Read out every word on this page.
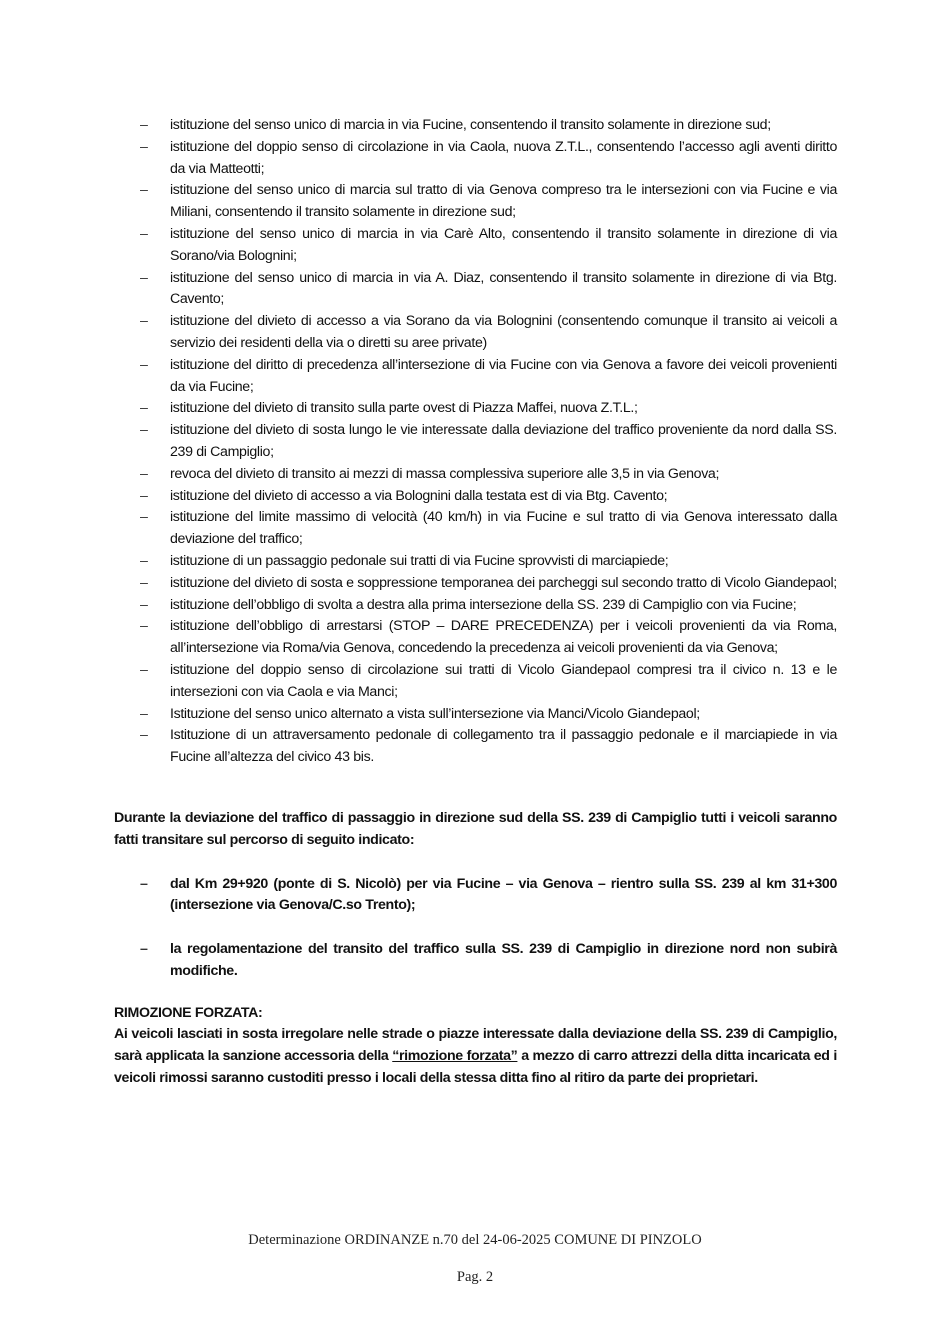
– istituzione del senso unico di marcia in via Fucine, consentendo il transito solamente in direzione sud;
– istituzione del doppio senso di circolazione in via Caola, nuova Z.T.L., consentendo l’accesso agli aventi diritto da via Matteotti;
– istituzione del senso unico di marcia sul tratto di via Genova compreso tra le intersezioni con via Fucine e via Miliani, consentendo il transito solamente in direzione sud;
– istituzione del senso unico di marcia in via Carè Alto, consentendo il transito solamente in direzione di via Sorano/via Bolognini;
– istituzione del senso unico di marcia in via A. Diaz, consentendo il transito solamente in direzione di via Btg. Cavento;
– istituzione del divieto di accesso a via Sorano da via Bolognini (consentendo comunque il transito ai veicoli a servizio dei residenti della via o diretti su aree private)
– istituzione del diritto di precedenza all’intersezione di via Fucine con via Genova a favore dei veicoli provenienti da via Fucine;
– istituzione del divieto di transito sulla parte ovest di Piazza Maffei, nuova Z.T.L.;
– istituzione del divieto di sosta lungo le vie interessate dalla deviazione del traffico proveniente da nord dalla SS. 239 di Campiglio;
– revoca del divieto di transito ai mezzi di massa complessiva superiore alle 3,5 in via Genova;
– istituzione del divieto di accesso a via Bolognini dalla testata est di via Btg. Cavento;
– istituzione del limite massimo di velocità (40 km/h) in via Fucine e sul tratto di via Genova interessato dalla deviazione del traffico;
– istituzione di un passaggio pedonale sui tratti di via Fucine sprovvisti di marciapiede;
– istituzione del divieto di sosta e soppressione temporanea dei parcheggi sul secondo tratto di Vicolo Giandepaol;
– istituzione dell’obbligo di svolta a destra alla prima intersezione della SS. 239 di Campiglio con via Fucine;
– istituzione dell’obbligo di arrestarsi (STOP – DARE PRECEDENZA) per i veicoli provenienti da via Roma, all’intersezione via Roma/via Genova, concedendo la precedenza ai veicoli provenienti da via Genova;
– istituzione del doppio senso di circolazione sui tratti di Vicolo Giandepaol compresi tra il civico n. 13 e le intersezioni con via Caola e via Manci;
– Istituzione del senso unico alternato a vista sull’intersezione via Manci/Vicolo Giandepaol;
– Istituzione di un attraversamento pedonale di collegamento tra il passaggio pedonale e il marciapiede in via Fucine all’altezza del civico 43 bis.

Durante la deviazione del traffico di passaggio in direzione sud della SS. 239 di Campiglio tutti i veicoli saranno fatti transitare sul percorso di seguito indicato:

– dal Km 29+920 (ponte di S. Nicolò) per via Fucine – via Genova – rientro sulla SS. 239 al km 31+300 (intersezione via Genova/C.so Trento);
– la regolamentazione del transito del traffico sulla SS. 239 di Campiglio in direzione nord non subirà modifiche.

RIMOZIONE FORZATA:

Ai veicoli lasciati in sosta irregolare nelle strade o piazze interessate dalla deviazione della SS. 239 di Campiglio, sarà applicata la sanzione accessoria della “rimozione forzata” a mezzo di carro attrezzi della ditta incaricata ed i veicoli rimossi saranno custoditi presso i locali della stessa ditta fino al ritiro da parte dei proprietari.

Determinazione ORDINANZE n.70 del 24-06-2025 COMUNE DI PINZOLO
Pag. 2
